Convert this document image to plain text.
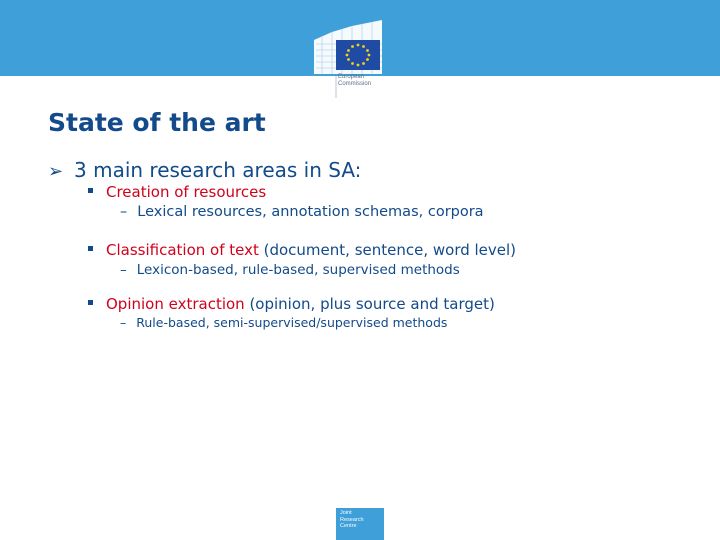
European
Commission
State of the art
➢ 3 main research areas in SA:
Creation of resources
– Lexical resources, annotation schemas, corpora
Classification of text (document, sentence, word level)
– Lexicon-based, rule-based, supervised methods
Opinion extraction (opinion, plus source and target)
– Rule-based, semi-supervised/supervised methods
Joint
Research
Centre
